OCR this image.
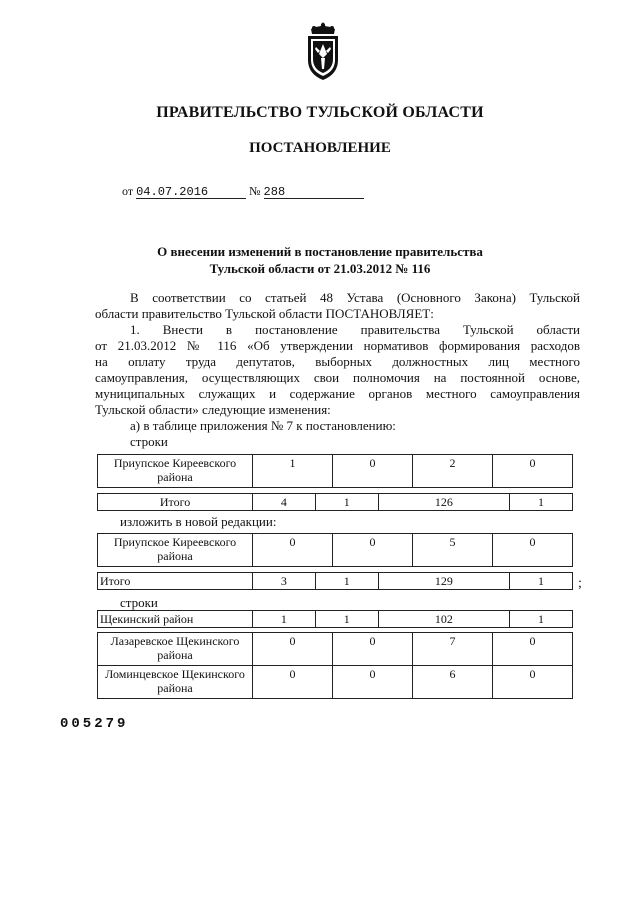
ПРАВИТЕЛЬСТВО ТУЛЬСКОЙ ОБЛАСТИ
ПОСТАНОВЛЕНИЕ
от 04.07.2016	№ 288
О внесении изменений в постановление правительства
Тульской области от 21.03.2012 № 116
В соответствии со статьей 48 Устава (Основного Закона) Тульской
области правительство Тульской области ПОСТАНОВЛЯЕТ:
1. Внести в постановление правительства Тульской области
от 21.03.2012 № 116 «Об утверждении нормативов формирования расходов
на оплату труда депутатов, выборных должностных лиц местного
самоуправления, осуществляющих свои полномочия на постоянной основе,
муниципальных служащих и содержание органов местного самоуправления
Тульской области» следующие изменения:
а) в таблице приложения № 7 к постановлению:
строки
Приупское Киреевского района	1	0	2	0
Итого	4	1	126	1
изложить в новой редакции:
Приупское Киреевского района	0	0	5	0
Итого	3	1	129	1 ;
строки
Щекинский район	1	1	102	1
Лазаревское Щекинского района	0	0	7	0
Ломинцевское Щекинского района	0	0	6	0
005279
